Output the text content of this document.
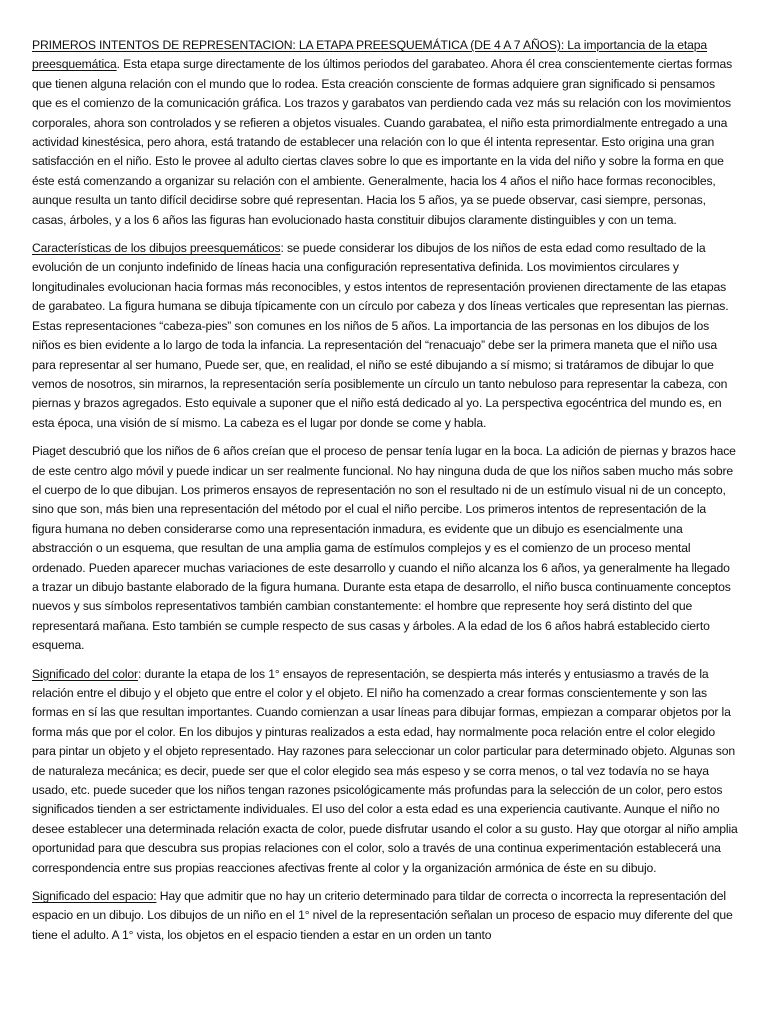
PRIMEROS INTENTOS DE REPRESENTACION: LA ETAPA PREESQUEMÁTICA (DE 4 A 7 AÑOS): La importancia de la etapa preesquemática. Esta etapa surge directamente de los últimos periodos del garabateo. Ahora él crea conscientemente ciertas formas que tienen alguna relación con el mundo que lo rodea. Esta creación consciente de formas adquiere gran significado si pensamos que es el comienzo de la comunicación gráfica. Los trazos y garabatos van perdiendo cada vez más su relación con los movimientos corporales, ahora son controlados y se refieren a objetos visuales. Cuando garabatea, el niño esta primordialmente entregado a una actividad kinestésica, pero ahora, está tratando de establecer una relación con lo que él intenta representar. Esto origina una gran satisfacción en el niño. Esto le provee al adulto ciertas claves sobre lo que es importante en la vida del niño y sobre la forma en que éste está comenzando a organizar su relación con el ambiente. Generalmente, hacia los 4 años el niño hace formas reconocibles, aunque resulta un tanto difícil decidirse sobre qué representan. Hacia los 5 años, ya se puede observar, casi siempre, personas, casas, árboles, y a los 6 años las figuras han evolucionado hasta constituir dibujos claramente distinguibles y con un tema.

Características de los dibujos preesquemáticos: se puede considerar los dibujos de los niños de esta edad como resultado de la evolución de un conjunto indefinido de líneas hacia una configuración representativa definida. Los movimientos circulares y longitudinales evolucionan hacia formas más reconocibles, y estos intentos de representación provienen directamente de las etapas de garabateo. La figura humana se dibuja típicamente con un círculo por cabeza y dos líneas verticales que representan las piernas. Estas representaciones “cabeza-pies” son comunes en los niños de 5 años. La importancia de las personas en los dibujos de los niños es bien evidente a lo largo de toda la infancia. La representación del “renacuajo” debe ser la primera maneta que el niño usa para representar al ser humano, Puede ser, que, en realidad, el niño se esté dibujando a sí mismo; si tratáramos de dibujar lo que vemos de nosotros, sin mirarnos, la representación sería posiblemente un círculo un tanto nebuloso para representar la cabeza, con piernas y brazos agregados. Esto equivale a suponer que el niño está dedicado al yo. La perspectiva egocéntrica del mundo es, en esta época, una visión de sí mismo. La cabeza es el lugar por donde se come y habla.

Piaget descubrió que los niños de 6 años creían que el proceso de pensar tenía lugar en la boca. La adición de piernas y brazos hace de este centro algo móvil y puede indicar un ser realmente funcional. No hay ninguna duda de que los niños saben mucho más sobre el cuerpo de lo que dibujan. Los primeros ensayos de representación no son el resultado ni de un estímulo visual ni de un concepto, sino que son, más bien una representación del método por el cual el niño percibe. Los primeros intentos de representación de la figura humana no deben considerarse como una representación inmadura, es evidente que un dibujo es esencialmente una abstracción o un esquema, que resultan de una amplia gama de estímulos complejos y es el comienzo de un proceso mental ordenado. Pueden aparecer muchas variaciones de este desarrollo y cuando el niño alcanza los 6 años, ya generalmente ha llegado a trazar un dibujo bastante elaborado de la figura humana. Durante esta etapa de desarrollo, el niño busca continuamente conceptos nuevos y sus símbolos representativos también cambian constantemente: el hombre que represente hoy será distinto del que representará mañana. Esto también se cumple respecto de sus casas y árboles. A la edad de los 6 años habrá establecido cierto esquema.

Significado del color: durante la etapa de los 1° ensayos de representación, se despierta más interés y entusiasmo a través de la relación entre el dibujo y el objeto que entre el color y el objeto. El niño ha comenzado a crear formas conscientemente y son las formas en sí las que resultan importantes. Cuando comienzan a usar líneas para dibujar formas, empiezan a comparar objetos por la forma más que por el color. En los dibujos y pinturas realizados a esta edad, hay normalmente poca relación entre el color elegido para pintar un objeto y el objeto representado. Hay razones para seleccionar un color particular para determinado objeto. Algunas son de naturaleza mecánica; es decir, puede ser que el color elegido sea más espeso y se corra menos, o tal vez todavía no se haya usado, etc. puede suceder que los niños tengan razones psicológicamente más profundas para la selección de un color, pero estos significados tienden a ser estrictamente individuales. El uso del color a esta edad es una experiencia cautivante. Aunque el niño no desee establecer una determinada relación exacta de color, puede disfrutar usando el color a su gusto. Hay que otorgar al niño amplia oportunidad para que descubra sus propias relaciones con el color, solo a través de una continua experimentación establecerá una correspondencia entre sus propias reacciones afectivas frente al color y la organización armónica de éste en su dibujo.

Significado del espacio: Hay que admitir que no hay un criterio determinado para tildar de correcta o incorrecta la representación del espacio en un dibujo. Los dibujos de un niño en el 1° nivel de la representación señalan un proceso de espacio muy diferente del que tiene el adulto. A 1° vista, los objetos en el espacio tienden a estar en un orden un tanto
